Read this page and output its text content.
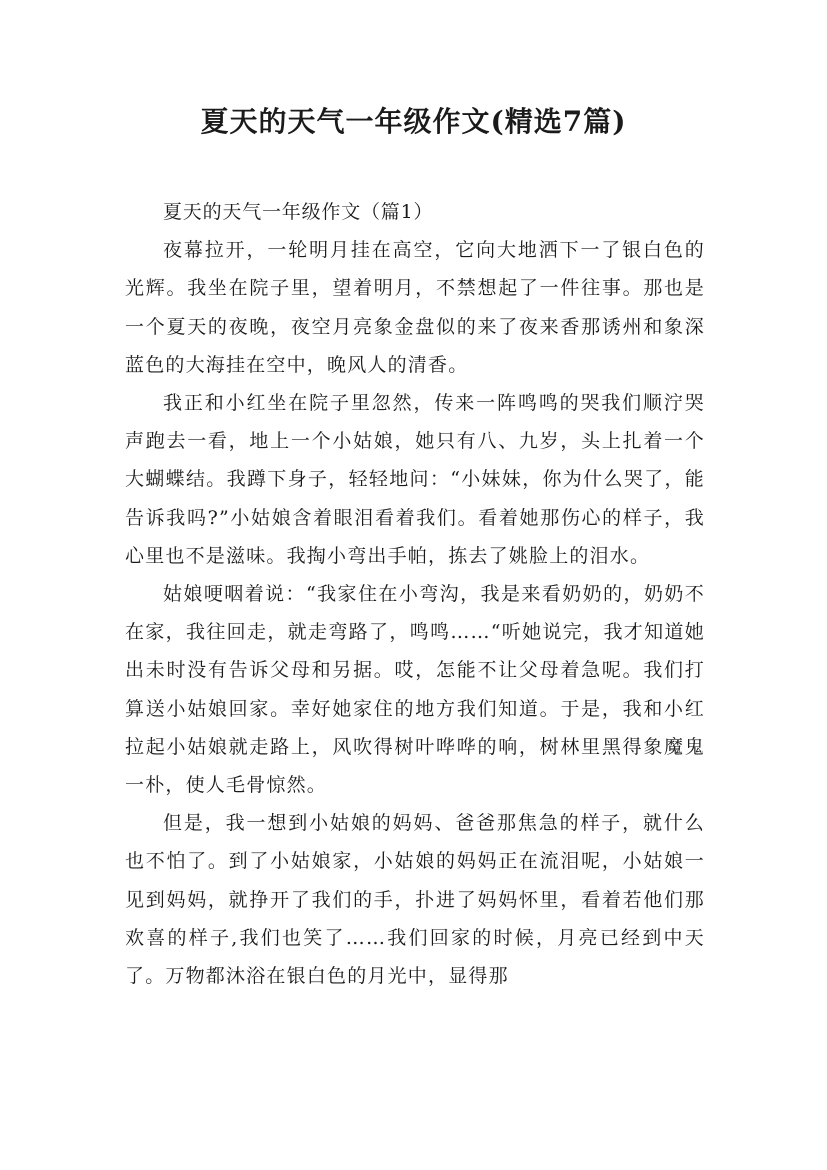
夏天的天气一年级作文(精选7篇)

夏天的天气一年级作文（篇1）

夜幕拉开，一轮明月挂在高空，它向大地洒下一了银白色的光辉。我坐在院子里，望着明月，不禁想起了一件往事。那也是一个夏天的夜晚，夜空月亮象金盘似的来了夜来香那诱州和象深蓝色的大海挂在空中，晚风人的清香。

我正和小红坐在院子里忽然，传来一阵鸣鸣的哭我们顺泞哭声跑去一看，地上一个小姑娘，她只有八、九岁，头上扎着一个大蝴蝶结。我蹲下身子，轻轻地问：“小妹妹，你为什么哭了，能告诉我吗?”小姑娘含着眼泪看着我们。看着她那伤心的样子，我心里也不是滋味。我掏小弯出手帕，拣去了姚脸上的泪水。

姑娘哽咽着说：“我家住在小弯沟，我是来看奶奶的，奶奶不在家，我往回走，就走弯路了，鸣鸣……“听她说完，我才知道她出未时没有告诉父母和另据。哎，怎能不让父母着急呢。我们打算送小姑娘回家。幸好她家住的地方我们知道。于是，我和小红拉起小姑娘就走路上，风吹得树叶哗哗的响，树林里黑得象魔鬼一朴，使人毛骨惊然。

但是，我一想到小姑娘的妈妈、爸爸那焦急的样子，就什么也不怕了。到了小姑娘家，小姑娘的妈妈正在流泪呢，小姑娘一见到妈妈，就挣开了我们的手，扑进了妈妈怀里，看着若他们那欢喜的样子,我们也笑了……我们回家的时候，月亮已经到中天了。万物都沐浴在银白色的月光中，显得那
